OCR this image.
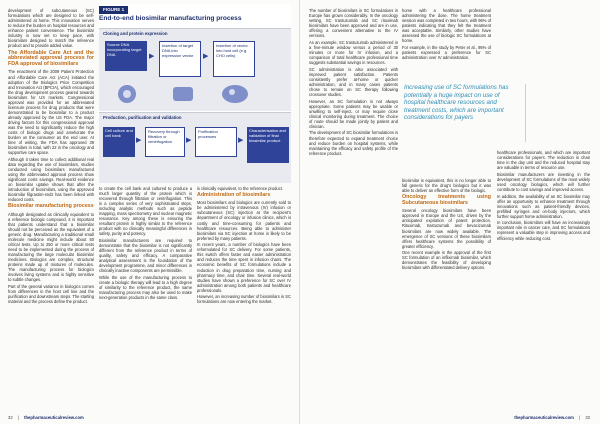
development of subcutaneous (SC) formulations which are designed to be self-administered at home. This innovation serves to reduce the burden on hospital resources and enhance patient convenience. The biosimilar industry is now set to keep pace, with biosimilars designed to match the reference product and to provide added value.

The Affordable Care Act and the abbreviated approval process for FDA approval of biosimilars

The enactment of the 2009 Patient Protection and Affordable Care Act (ACA) initiated the adoption of the Biologics Price Competition and Innovation Act (BPCIA), which encouraged the drug development process geared towards biosimilars for US markets. Congressional approval was provided for an abbreviated licensure process for drug products that were demonstrated to be biosimilar to a product already approved by the US FDA. The major driving factors for this congressional approval was the need to significantly reduce the high costs of biologic drugs and ameliorate the burden on the consumer as the end user. At time of writing, the FDA has approved 39 biosimilars in total, with 22 in the oncology and supportive care space.

Although it takes time to collect additional real data regarding the use of biosimilars, studies conducted using biosimilars manufactured using the abbreviated approval process show significant costs savings. Real-world evidence on biosimilar uptake shows that after the introduction of biosimilars, using the approved biosimilar filgrastim-sndz has been linked with reduced costs.

Biosimilar manufacturing process

Although designated as clinically equivalent to a reference biologic compound, it is important that patients understand that a biosimilar should not be perceived as the equivalent of a generic drug. Manufacturing a traditional small molecule medicine might include about 50 critical tests. Up to 250 or more critical tests need to be implemented during the process of manufacturing the large molecular biosimilar medicines. Biologics are complex, structural proteins made up of mixtures of molecules. The manufacturing process for biologics involves living systems and is highly sensitive to subtle changes.

Part of the general variance in biologics comes from differences in the host cell line and the purification and downstream steps. The starting material and the process define the product.

to create the cell bank and cultured to produce a much larger quantity of the protein which is recovered through filtration or centrifugation. This is a complex series of very sophisticated steps, including analytic methods such as peptide mapping, mass spectrometry and nuclear magnetic resonance. Key among these is ensuring the resultant protein is highly similar to the reference product with no clinically meaningful differences in safety, purity and potency.

Biosimilar manufacturers are required to demonstrate that the biosimilar is not significantly different from the reference product in terms of quality, safety and efficacy. A comparative analytical assessment is the foundation of the development programme, and minor differences in clinically inactive components are permissible.

While the use of the manufacturing process to create a biologic therapy will lead to a high degree of similarity to the reference product, the same manufacturing process may also be used to make next-generation products in the same class.

is clinically equivalent, to the reference product.

Administration of biosimilars

Most biosimilars and biologics are currently sold to be administered by intravenous (IV) infusion or subcutaneous (SC) injection at the recipient's department of oncology or infusion clinics, which is costly and time-consuming for patients and healthcare resources. Being able to administer biosimilars via SC injection at home is likely to be preferred by many patients.

In recent years, a number of biologics have been reformulated for SC delivery. For some patients, this switch offers faster and easier administration and reduces the time spent in infusion chairs. The economic benefits of SC formulations include a reduction in drug preparation time, nursing and pharmacy time, and chair time. Several real-world studies have shown a preference for SC over IV administration among both patients and healthcare professionals.

However, an increasing number of biosimilars in SC formulations are now entering the market.

FIGURE 1
End-to-end biosimilar manufacturing process
Cloning and protein expression
Source DNA incorporating target DNA	▶
Insertion of target DNA into expression vector	▶
Insertion of vector into host cell (e.g. CHO cells)
Production, purification and validation
Cell culture and cell bank
▶
Recovery through filtration or centrifugation	▶
Purification processes
▶
Characterisation and validation of final biosimilar product
32 | thepharmaceuticalreview.com

The number of biosimilars in SC formulations in Europe has grown considerably. In the oncology setting, SC trastuzumab and SC rituximab biosimilars have been approved and are in use, offering a convenient alternative to the IV versions.

As an example, SC trastuzumab administered in a five-minute window versus a period of 30 minutes or more for IV infusion, and a comparison of total healthcare professional time suggests substantial savings in resources.

SC administration is also associated with improved patient satisfaction. Patients consistently prefer at-home or quicker administration, and in many cases patients chose to remain on SC therapy following crossover studies.

However, an SC formulation is not always appropriate. Some patients may be unable or unwilling to self-inject, or may require close clinical monitoring during treatment. The choice of route should be made jointly by patient and clinician.

The development of SC biosimilar formulations is therefore expected to expand treatment choice and reduce burden on hospital systems, while maintaining the efficacy and safety profile of the reference product.

home with a healthcare professional administering the dose. The home treatment session was completed in two hours, with 96% of patients indicating that they felt the treatment was acceptable. Similarly, other studies have assessed the use of biologic SC formulations at home.

For example, in the study by Peter et al., 95% of patients expressed a preference for SC administration over IV administration.

Increasing use of SC formulations has potentially a huge impact on use of hospital healthcare resources and treatment costs, which are important considerations for payers

biosimilar is equivalent, this is no longer able to fall generic for the drug's biologics but it was able to deliver an effective form of the biologic.

Oncology treatments using Subcutaneous biosimilars

Several oncology biosimilars have been approved in Europe and the US, driven by the anticipated expiration of patent protection. Rituximab, trastuzumab and bevacizumab biosimilars are now widely available. The emergence of SC versions of these biosimilars offers healthcare systems the possibility of greater efficiency.

One recent example is the approval of the first SC formulation of an infliximab biosimilar, which demonstrates the feasibility of developing biosimilars with differentiated delivery options.

healthcare professionals, and which are important considerations for payers. The reduction in chair time in the day unit and the reduced hospital stay are valuable in terms of resource use.

Biosimilar manufacturers are investing in the development of SC formulations of the most widely used oncology biologics, which will further contribute to cost savings and improved access.

In addition, the availability of an SC biosimilar may offer an opportunity to enhance treatment through innovations such as patient-friendly devices, prefilled syringes and on-body injectors, which further support home administration.

In conclusion, biosimilars will have an increasingly important role in cancer care, and SC formulations represent a valuable step in improving access and efficiency while reducing cost.

thepharmaceuticalreview.com | 33
